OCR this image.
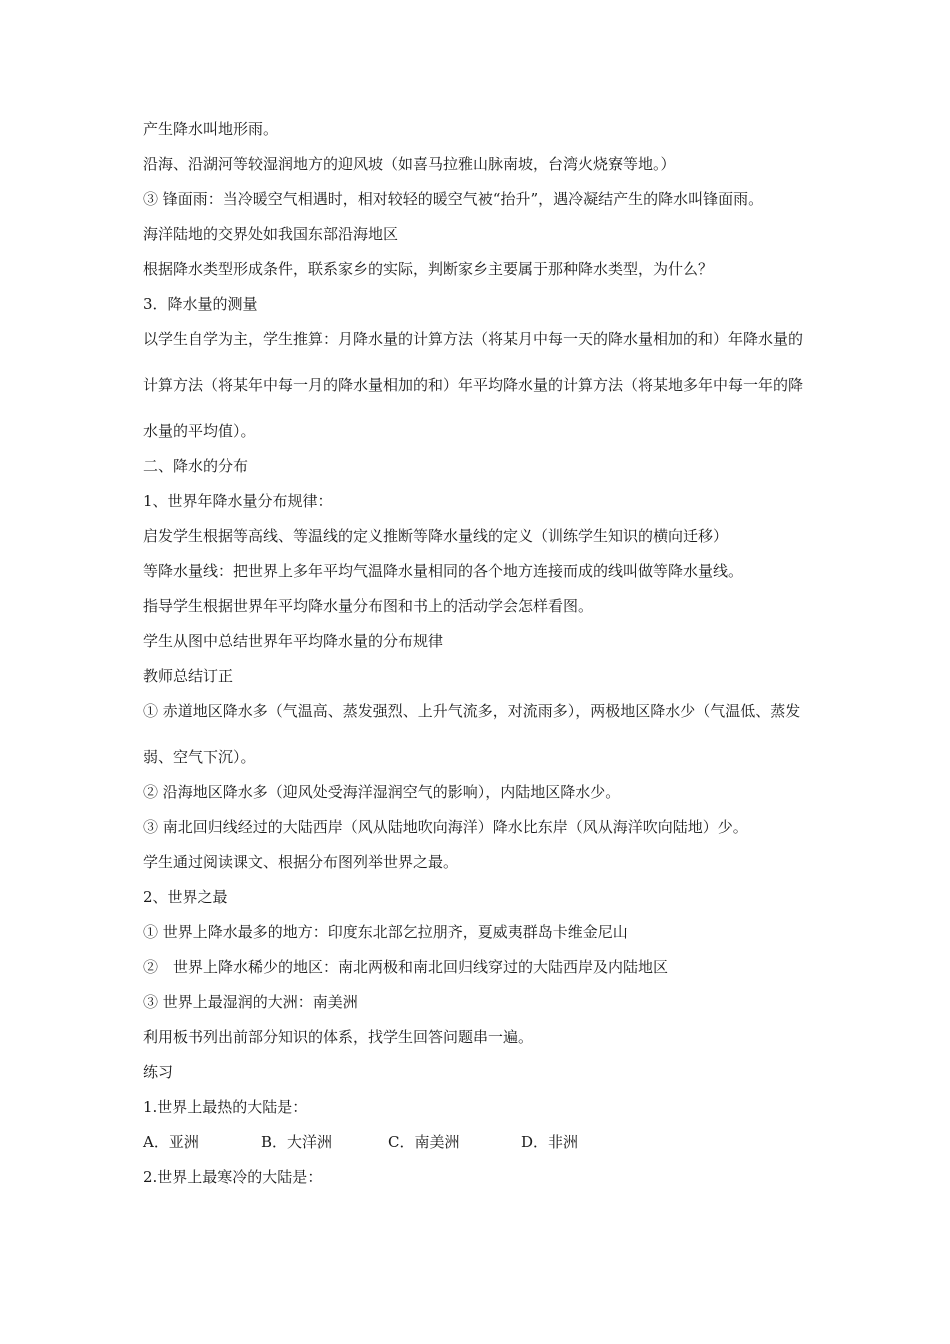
产生降水叫地形雨。

沿海、沿湖河等较湿润地方的迎风坡（如喜马拉雅山脉南坡，台湾火烧寮等地。）

③ 锋面雨：当冷暖空气相遇时，相对较轻的暖空气被“抬升”，遇冷凝结产生的降水叫锋面雨。

海洋陆地的交界处如我国东部沿海地区

根据降水类型形成条件，联系家乡的实际，判断家乡主要属于那种降水类型，为什么？

3．降水量的测量

以学生自学为主，学生推算：月降水量的计算方法（将某月中每一天的降水量相加的和）年降水量的

计算方法（将某年中每一月的降水量相加的和）年平均降水量的计算方法（将某地多年中每一年的降

水量的平均值）。

二、降水的分布

1、世界年降水量分布规律：

启发学生根据等高线、等温线的定义推断等降水量线的定义（训练学生知识的横向迁移）

等降水量线：把世界上多年平均气温降水量相同的各个地方连接而成的线叫做等降水量线。

指导学生根据世界年平均降水量分布图和书上的活动学会怎样看图。

学生从图中总结世界年平均降水量的分布规律

教师总结订正

① 赤道地区降水多（气温高、蒸发强烈、上升气流多，对流雨多），两极地区降水少（气温低、蒸发

弱、空气下沉）。

② 沿海地区降水多（迎风处受海洋湿润空气的影响），内陆地区降水少。

③ 南北回归线经过的大陆西岸（风从陆地吹向海洋）降水比东岸（风从海洋吹向陆地）少。

学生通过阅读课文、根据分布图列举世界之最。

2、世界之最

① 世界上降水最多的地方：印度东北部乞拉朋齐，夏威夷群岛卡维金尼山

②　世界上降水稀少的地区：南北两极和南北回归线穿过的大陆西岸及内陆地区

③ 世界上最湿润的大洲：南美洲

利用板书列出前部分知识的体系，找学生回答问题串一遍。

练习

1.世界上最热的大陆是：

A．亚洲	B．大洋洲	C．南美洲	D．非洲

2.世界上最寒冷的大陆是：
